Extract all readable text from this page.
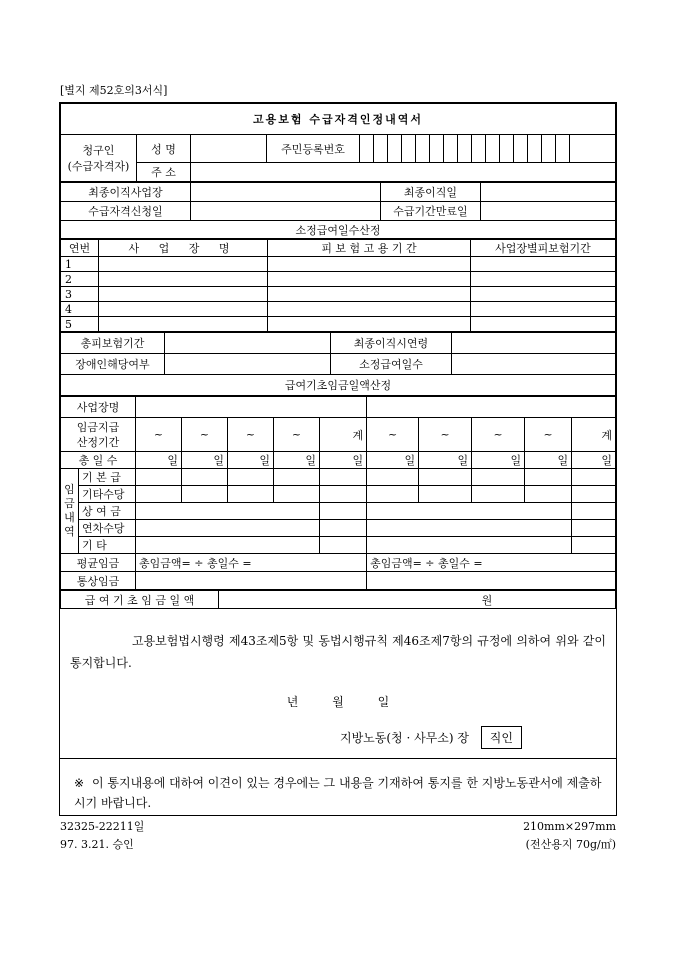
[별지 제52호의3서식]
고용보험 수급자격인정내역서																			

청구인
(수급자격자)	성 명		주민등록번호																
	주 소																		
최종이직사업장		최종이직일	
수급자격신청일		수급기간만료일	
소정급여일수산정			
연번	사 업 장 명	피 보 험 고 용 기 간	사업장별피보험기간
1			
2			
3			
4			
5			
총피보험기간		최종이직시연령	
장애인해당여부		소정급여일수	
급여기초임금일액산정			
사업장명											

임금지급
산정기간		~	~	~	~	계	~	~	~	~	계
총 일 수		일	일	일	일	일	일	일	일	일	일

임
금
내
역	기 본 급										
	기타수당										
	상 여 금										
	연차수당										
	기 타										
평균임금		총임금액= ÷ 총일수 =					총임금액= ÷ 총일수 =				
통상임금											
급 여 기 초 임 금 일 액	원
고용보험법시행령 제43조제5항 및 동법시행규칙 제46조제7항의 규정에 의하여 위와 같이 통지합니다.
년 월 일
지방노동(청 · 사무소) 장 직인
※ 이 통지내용에 대하여 이견이 있는 경우에는 그 내용을 기재하여 통지를 한 지방노동관서에 제출하시기 바랍니다.
32325-22211일
97. 3.21. 승인
210mm×297mm
(전산용지 70g/㎡)
